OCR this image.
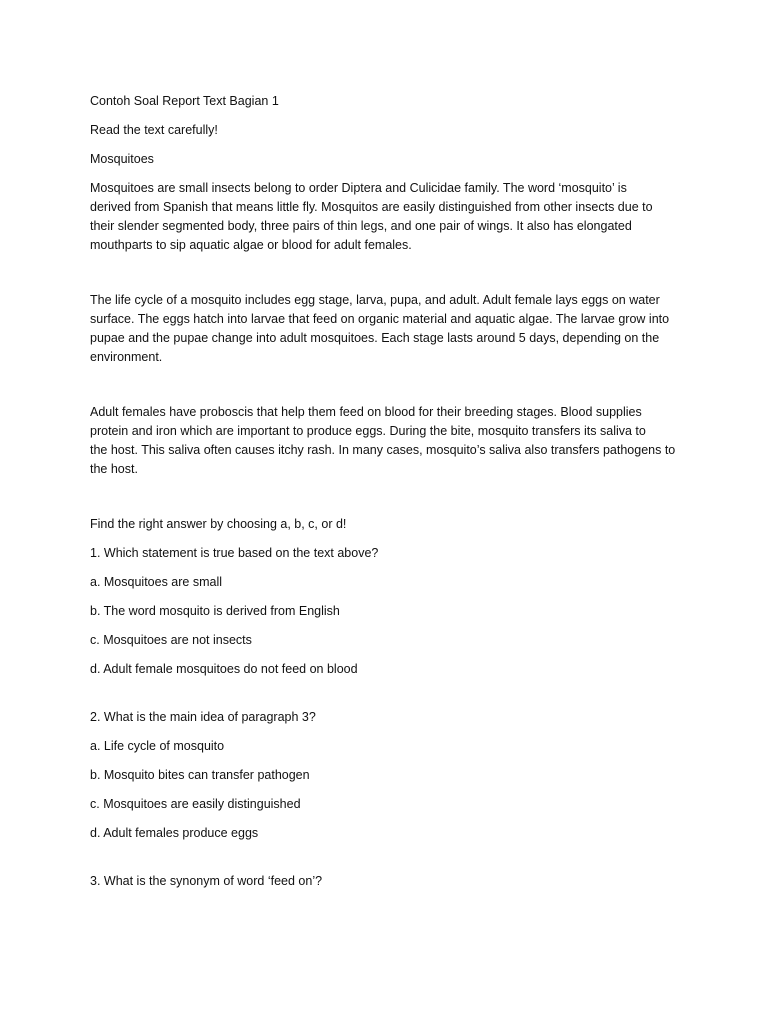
Contoh Soal Report Text Bagian 1
Read the text carefully!
Mosquitoes
Mosquitoes are small insects belong to order Diptera and Culicidae family. The word ‘mosquito’ is
derived from Spanish that means little fly. Mosquitos are easily distinguished from other insects due to
their slender segmented body, three pairs of thin legs, and one pair of wings. It also has elongated
mouthparts to sip aquatic algae or blood for adult females.
The life cycle of a mosquito includes egg stage, larva, pupa, and adult. Adult female lays eggs on water
surface. The eggs hatch into larvae that feed on organic material and aquatic algae. The larvae grow into
pupae and the pupae change into adult mosquitoes. Each stage lasts around 5 days, depending on the
environment.
Adult females have proboscis that help them feed on blood for their breeding stages. Blood supplies
protein and iron which are important to produce eggs. During the bite, mosquito transfers its saliva to
the host. This saliva often causes itchy rash. In many cases, mosquito’s saliva also transfers pathogens to
the host.
Find the right answer by choosing a, b, c, or d!
1. Which statement is true based on the text above?
a. Mosquitoes are small
b. The word mosquito is derived from English
c. Mosquitoes are not insects
d. Adult female mosquitoes do not feed on blood
2. What is the main idea of paragraph 3?
a. Life cycle of mosquito
b. Mosquito bites can transfer pathogen
c. Mosquitoes are easily distinguished
d. Adult females produce eggs
3. What is the synonym of word ‘feed on’?
